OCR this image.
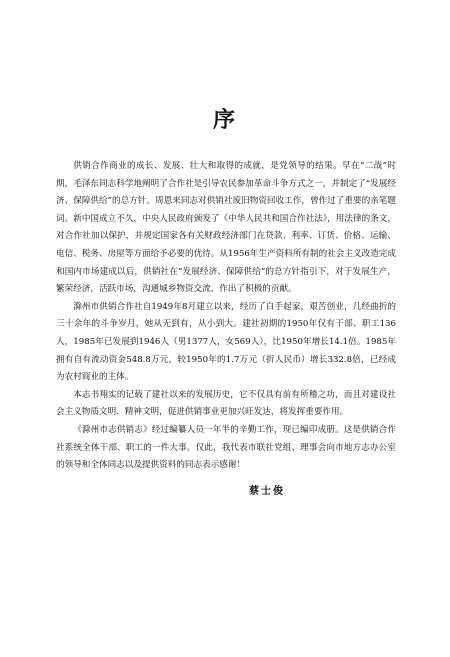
序

供销合作商业的成长、发展、壮大和取得的成就，是党领导的结果。早在“二战”时期，毛泽东同志科学地阐明了合作社是引导农民参加革命斗争方式之一，并制定了“发展经济、保障供给”的总方针。周恩来同志对供销社废旧物资回收工作，曾作过了重要的亲笔题词。新中国成立不久，中央人民政府颁发了《中华人民共和国合作社法》，用法律的条文，对合作社加以保护，并规定国家各有关财政经济部门在贷款、利率、订货、价格、运输、电信、税务、房屋等方面给予必要的优待。从1956年生产资料所有制的社会主义改造完成和国内市场建成以后，供销社在“发展经济、保障供给”的总方针指引下，对于发展生产，繁荣经济，活跃市场，沟通城乡物资交流，作出了积极的贡献。

滁州市供销合作社自1949年8月建立以来，经历了白手起家，艰苦创业，几经曲折的三十余年的斗争岁月，她从无到有，从小到大。建社初期的1950年仅有干部、职工136人，1985年已发展到1946人（男1377人，女569人），比1950年增长14.1倍。1985年拥有自有流动资金548.8万元，较1950年的1.7万元（折人民币）增长332.8倍，已经成为农村商业的主体。

本志书翔实的记载了建社以来的发展历史，它不仅具有前有所稽之功，而且对建设社会主义物质文明、精神文明，促进供销事业更加兴旺发达，将发挥重要作用。

《滁州市志供销志》经过编纂人员一年半的辛勤工作，现已编印成册。这是供销合作社系统全体干部、职工的一件大事。仅此，我代表市联社党组、理事会向市地方志办公室的领导和全体同志以及提供资料的同志表示感谢！

蔡士俊
